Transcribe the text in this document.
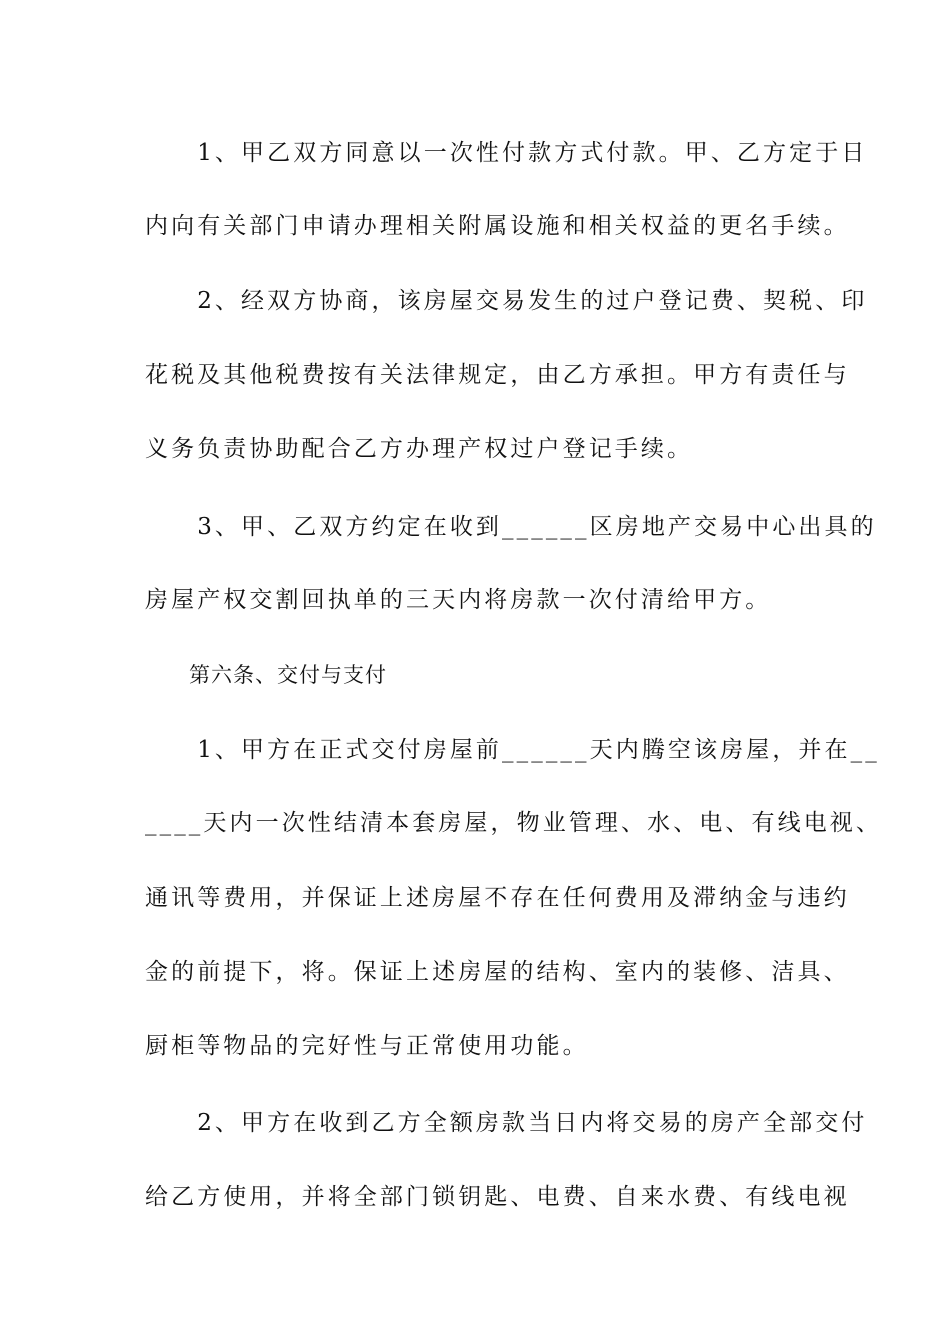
　　1、甲乙双方同意以一次性付款方式付款。甲、乙方定于日
内向有关部门申请办理相关附属设施和相关权益的更名手续。
　　2、经双方协商，该房屋交易发生的过户登记费、契税、印
花税及其他税费按有关法律规定，由乙方承担。甲方有责任与
义务负责协助配合乙方办理产权过户登记手续。
　　3、甲、乙双方约定在收到______区房地产交易中心出具的
房屋产权交割回执单的三天内将房款一次付清给甲方。
　　第六条、交付与支付
　　1、甲方在正式交付房屋前______天内腾空该房屋，并在__
____天内一次性结清本套房屋，物业管理、水、电、有线电视、
通讯等费用，并保证上述房屋不存在任何费用及滞纳金与违约
金的前提下，将。保证上述房屋的结构、室内的装修、洁具、
厨柜等物品的完好性与正常使用功能。
　　2、甲方在收到乙方全额房款当日内将交易的房产全部交付
给乙方使用，并将全部门锁钥匙、电费、自来水费、有线电视
